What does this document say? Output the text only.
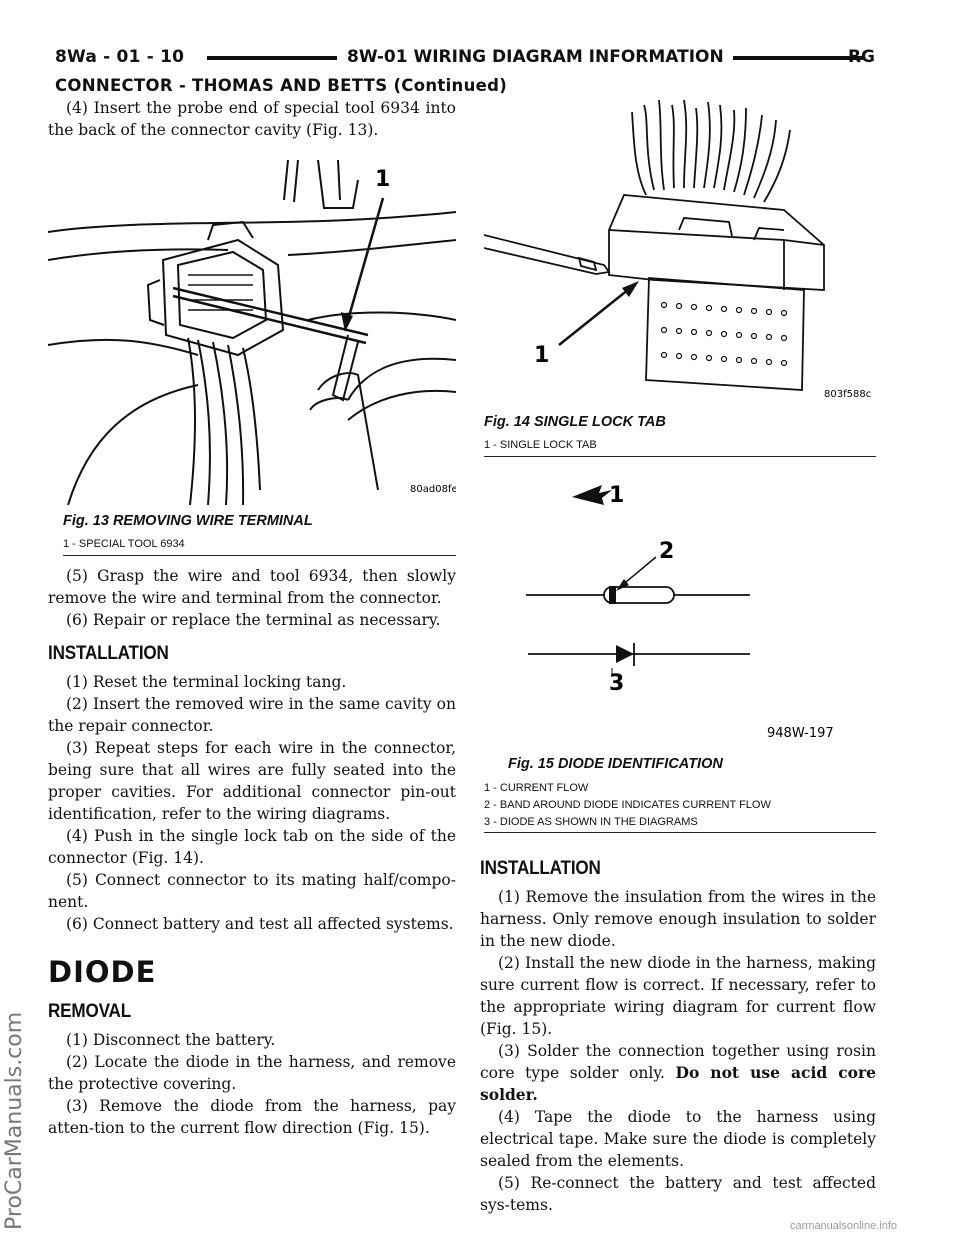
8Wa - 01 - 10	8W-01 WIRING DIAGRAM INFORMATION	RG
CONNECTOR - THOMAS AND BETTS (Continued)

(4) Insert the probe end of special tool 6934 into the back of the connector cavity (Fig. 13).

1
80ad08fe
Fig. 13 REMOVING WIRE TERMINAL
1 - SPECIAL TOOL 6934

(5) Grasp the wire and tool 6934, then slowly remove the wire and terminal from the connector.

(6) Repair or replace the terminal as necessary.

INSTALLATION

(1) Reset the terminal locking tang.

(2) Insert the removed wire in the same cavity on the repair connector.

(3) Repeat steps for each wire in the connector, being sure that all wires are fully seated into the proper cavities. For additional connector pin-out identification, refer to the wiring diagrams.

(4) Push in the single lock tab on the side of the connector (Fig. 14).

(5) Connect connector to its mating half/compo-nent.

(6) Connect battery and test all affected systems.

DIODE
REMOVAL

(1) Disconnect the battery.

(2) Locate the diode in the harness, and remove the protective covering.

(3) Remove the diode from the harness, pay atten-tion to the current flow direction (Fig. 15).

1
803f588c
Fig. 14 SINGLE LOCK TAB
1 - SINGLE LOCK TAB
1
2
3
948W-197
Fig. 15 DIODE IDENTIFICATION
1 - CURRENT FLOW
2 - BAND AROUND DIODE INDICATES CURRENT FLOW
3 - DIODE AS SHOWN IN THE DIAGRAMS
INSTALLATION

(1) Remove the insulation from the wires in the harness. Only remove enough insulation to solder in the new diode.

(2) Install the new diode in the harness, making sure current flow is correct. If necessary, refer to the appropriate wiring diagram for current flow (Fig. 15).

(3) Solder the connection together using rosin core type solder only. Do not use acid core solder.

(4) Tape the diode to the harness using electrical tape. Make sure the diode is completely sealed from the elements.

(5) Re-connect the battery and test affected sys-tems.

ProCarManuals.com	carmanualsonline.info
